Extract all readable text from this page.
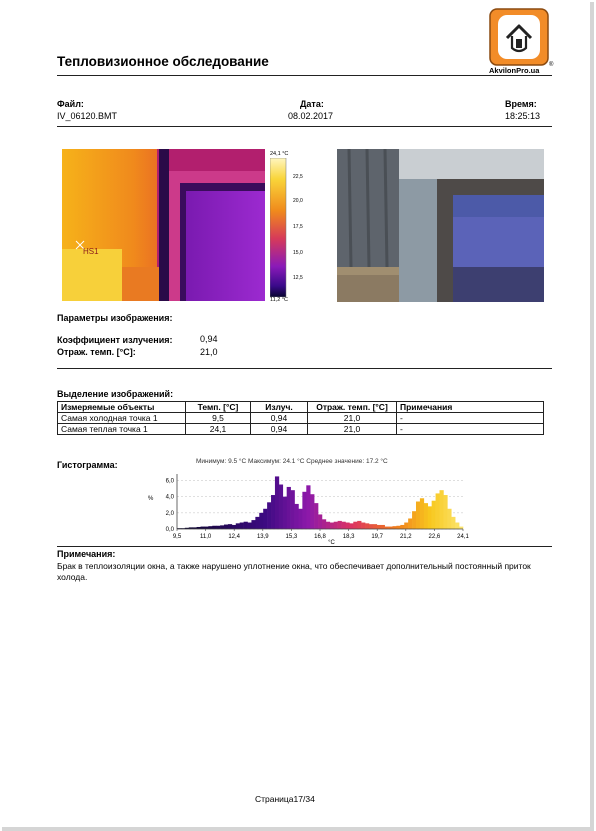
AkvilonPro.ua
®
Тепловизионное обследование
Файл:
IV_06120.BMT
Дата:
08.02.2017
Время:
18:25:13
HS1
24,1 °C
22,5
20,0
17,5
15,0
12,5
11,2 °C
Параметры изображения:
Коэффициент излучения:	0,94
Отраж. темп. [°C]:	21,0
Выделение изображений:
Измеряемые объекты	Темп. [°C]	Излуч.	Отраж. темп. [°C]	Примечания
Самая холодная точка 1	9,5	0,94	21,0	-
Самая теплая точка 1	24,1	0,94	21,0	-
Гистограмма:	Минимум: 9.5 °C Максимум: 24.1 °C Среднее значение: 17.2 °C
6,0
4,0
2,0
0,0
%
9,5	11,0	12,4	13,9	15,3	16,8	18,3	19,7	21,2	22,6	24,1
°C
Примечания:
Брак в теплоизоляции окна, а также нарушено уплотнение окна, что обеспечивает дополнительный постоянный приток холода.
Страница17/34
